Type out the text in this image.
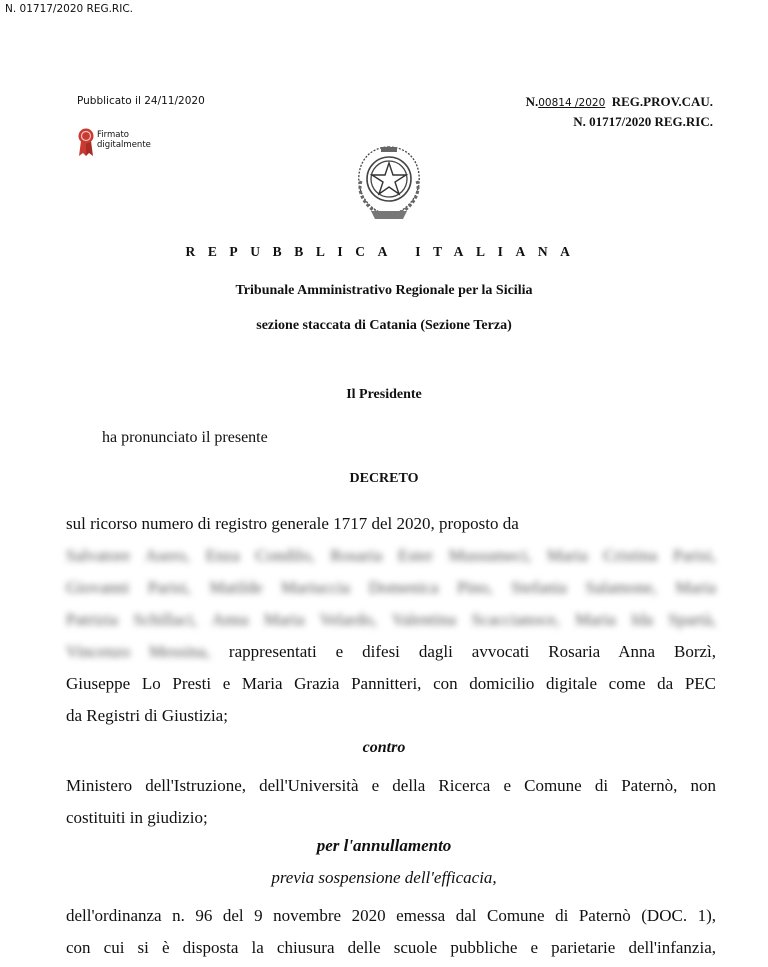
N. 01717/2020 REG.RIC.
Pubblicato il 24/11/2020	N.00814 /2020 REG.PROV.CAU.
N. 01717/2020 REG.RIC.
Firmato
digitalmente
REPUBBLICA ITALIANA
Tribunale Amministrativo Regionale per la Sicilia
sezione staccata di Catania (Sezione Terza)
Il Presidente
ha pronunciato il presente
DECRETO
sul ricorso numero di registro generale 1717 del 2020, proposto da
Salvatore Asero, Enza Condilo, Rosaria Ester Mussumeci, Maria Cristina Parisi,
Giovanni Parisi, Matilde Mariuccia Domenica Pino, Stefania Salamone, Maria
Patrizia Schillaci, Anna Maria Velardo, Valentina Scaccianoce, Maria Ida Spartà,
Vincenzo Messina, rappresentati e difesi dagli avvocati Rosaria Anna Borzì,
Giuseppe Lo Presti e Maria Grazia Pannitteri, con domicilio digitale come da PEC
da Registri di Giustizia;
contro
Ministero dell'Istruzione, dell'Università e della Ricerca e Comune di Paternò, non
costituiti in giudizio;
per l'annullamento
previa sospensione dell'efficacia,
dell'ordinanza n. 96 del 9 novembre 2020 emessa dal Comune di Paternò (DOC. 1),
con cui si è disposta la chiusura delle scuole pubbliche e parietarie dell'infanzia,
